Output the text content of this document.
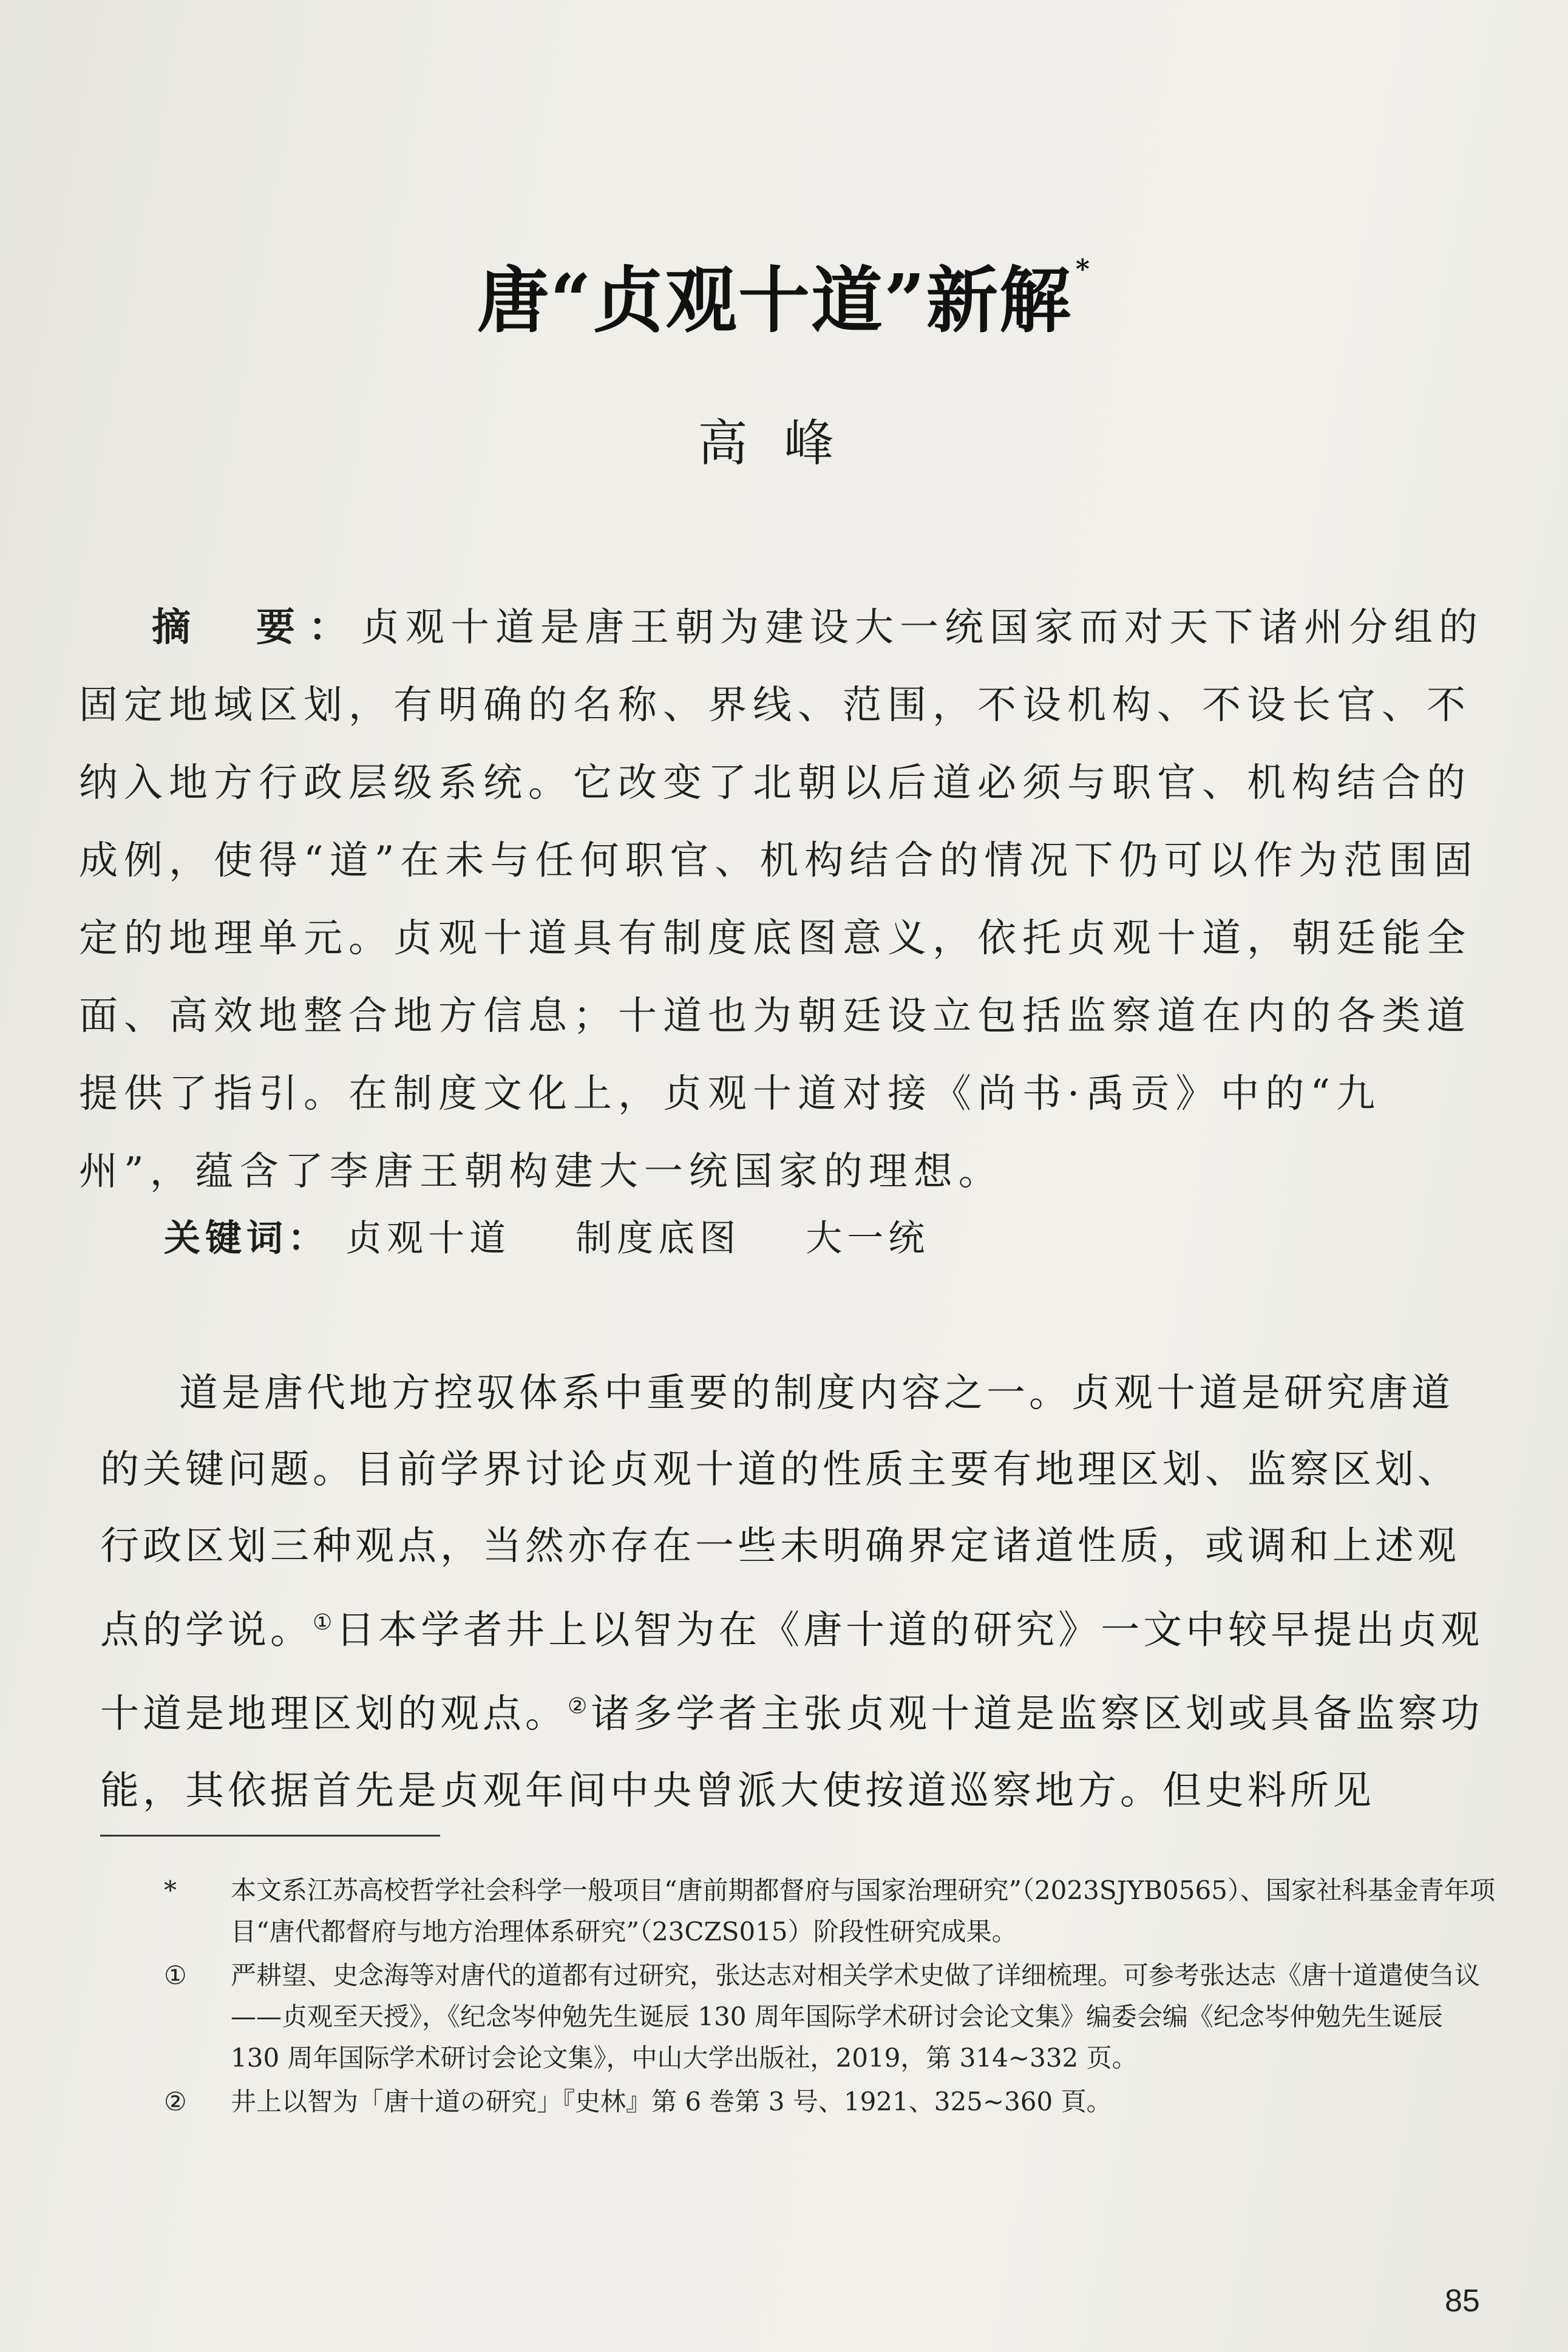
唐“贞观十道”新解 *
高峰

摘　要：贞观十道是唐王朝为建设大一统国家而对天下诸州分组的固定地域区划，有明确的名称、界线、范围，不设机构、不设长官、不纳入地方行政层级系统。它改变了北朝以后道必须与职官、机构结合的成例，使得“道”在未与任何职官、机构结合的情况下仍可以作为范围固定的地理单元。贞观十道具有制度底图意义，依托贞观十道，朝廷能全面、高效地整合地方信息；十道也为朝廷设立包括监察道在内的各类道提供了指引。在制度文化上，贞观十道对接《尚书·禹贡》中的“九州”，蕴含了李唐王朝构建大一统国家的理想。

关键词： 贞观十道 制度底图 大一统

道是唐代地方控驭体系中重要的制度内容之一。贞观十道是研究唐道的关键问题。目前学界讨论贞观十道的性质主要有地理区划、监察区划、行政区划三种观点，当然亦存在一些未明确界定诸道性质，或调和上述观点的学说。①日本学者井上以智为在《唐十道的研究》一文中较早提出贞观十道是地理区划的观点。②诸多学者主张贞观十道是监察区划或具备监察功能，其依据首先是贞观年间中央曾派大使按道巡察地方。但史料所见

* 本文系江苏高校哲学社会科学一般项目“唐前期都督府与国家治理研究”（2023SJYB0565）、国家社科基金青年项目“唐代都督府与地方治理体系研究”（23CZS015）阶段性研究成果。
① 严耕望、史念海等对唐代的道都有过研究，张达志对相关学术史做了详细梳理。可参考张达志《唐十道遣使刍议——贞观至天授》，《纪念岑仲勉先生诞辰 130 周年国际学术研讨会论文集》编委会编《纪念岑仲勉先生诞辰 130 周年国际学术研讨会论文集》，中山大学出版社，2019，第 314~332 页。
② 井上以智为「唐十道の研究」『史林』第 6 巻第 3 号、1921、325~360 頁。
85
